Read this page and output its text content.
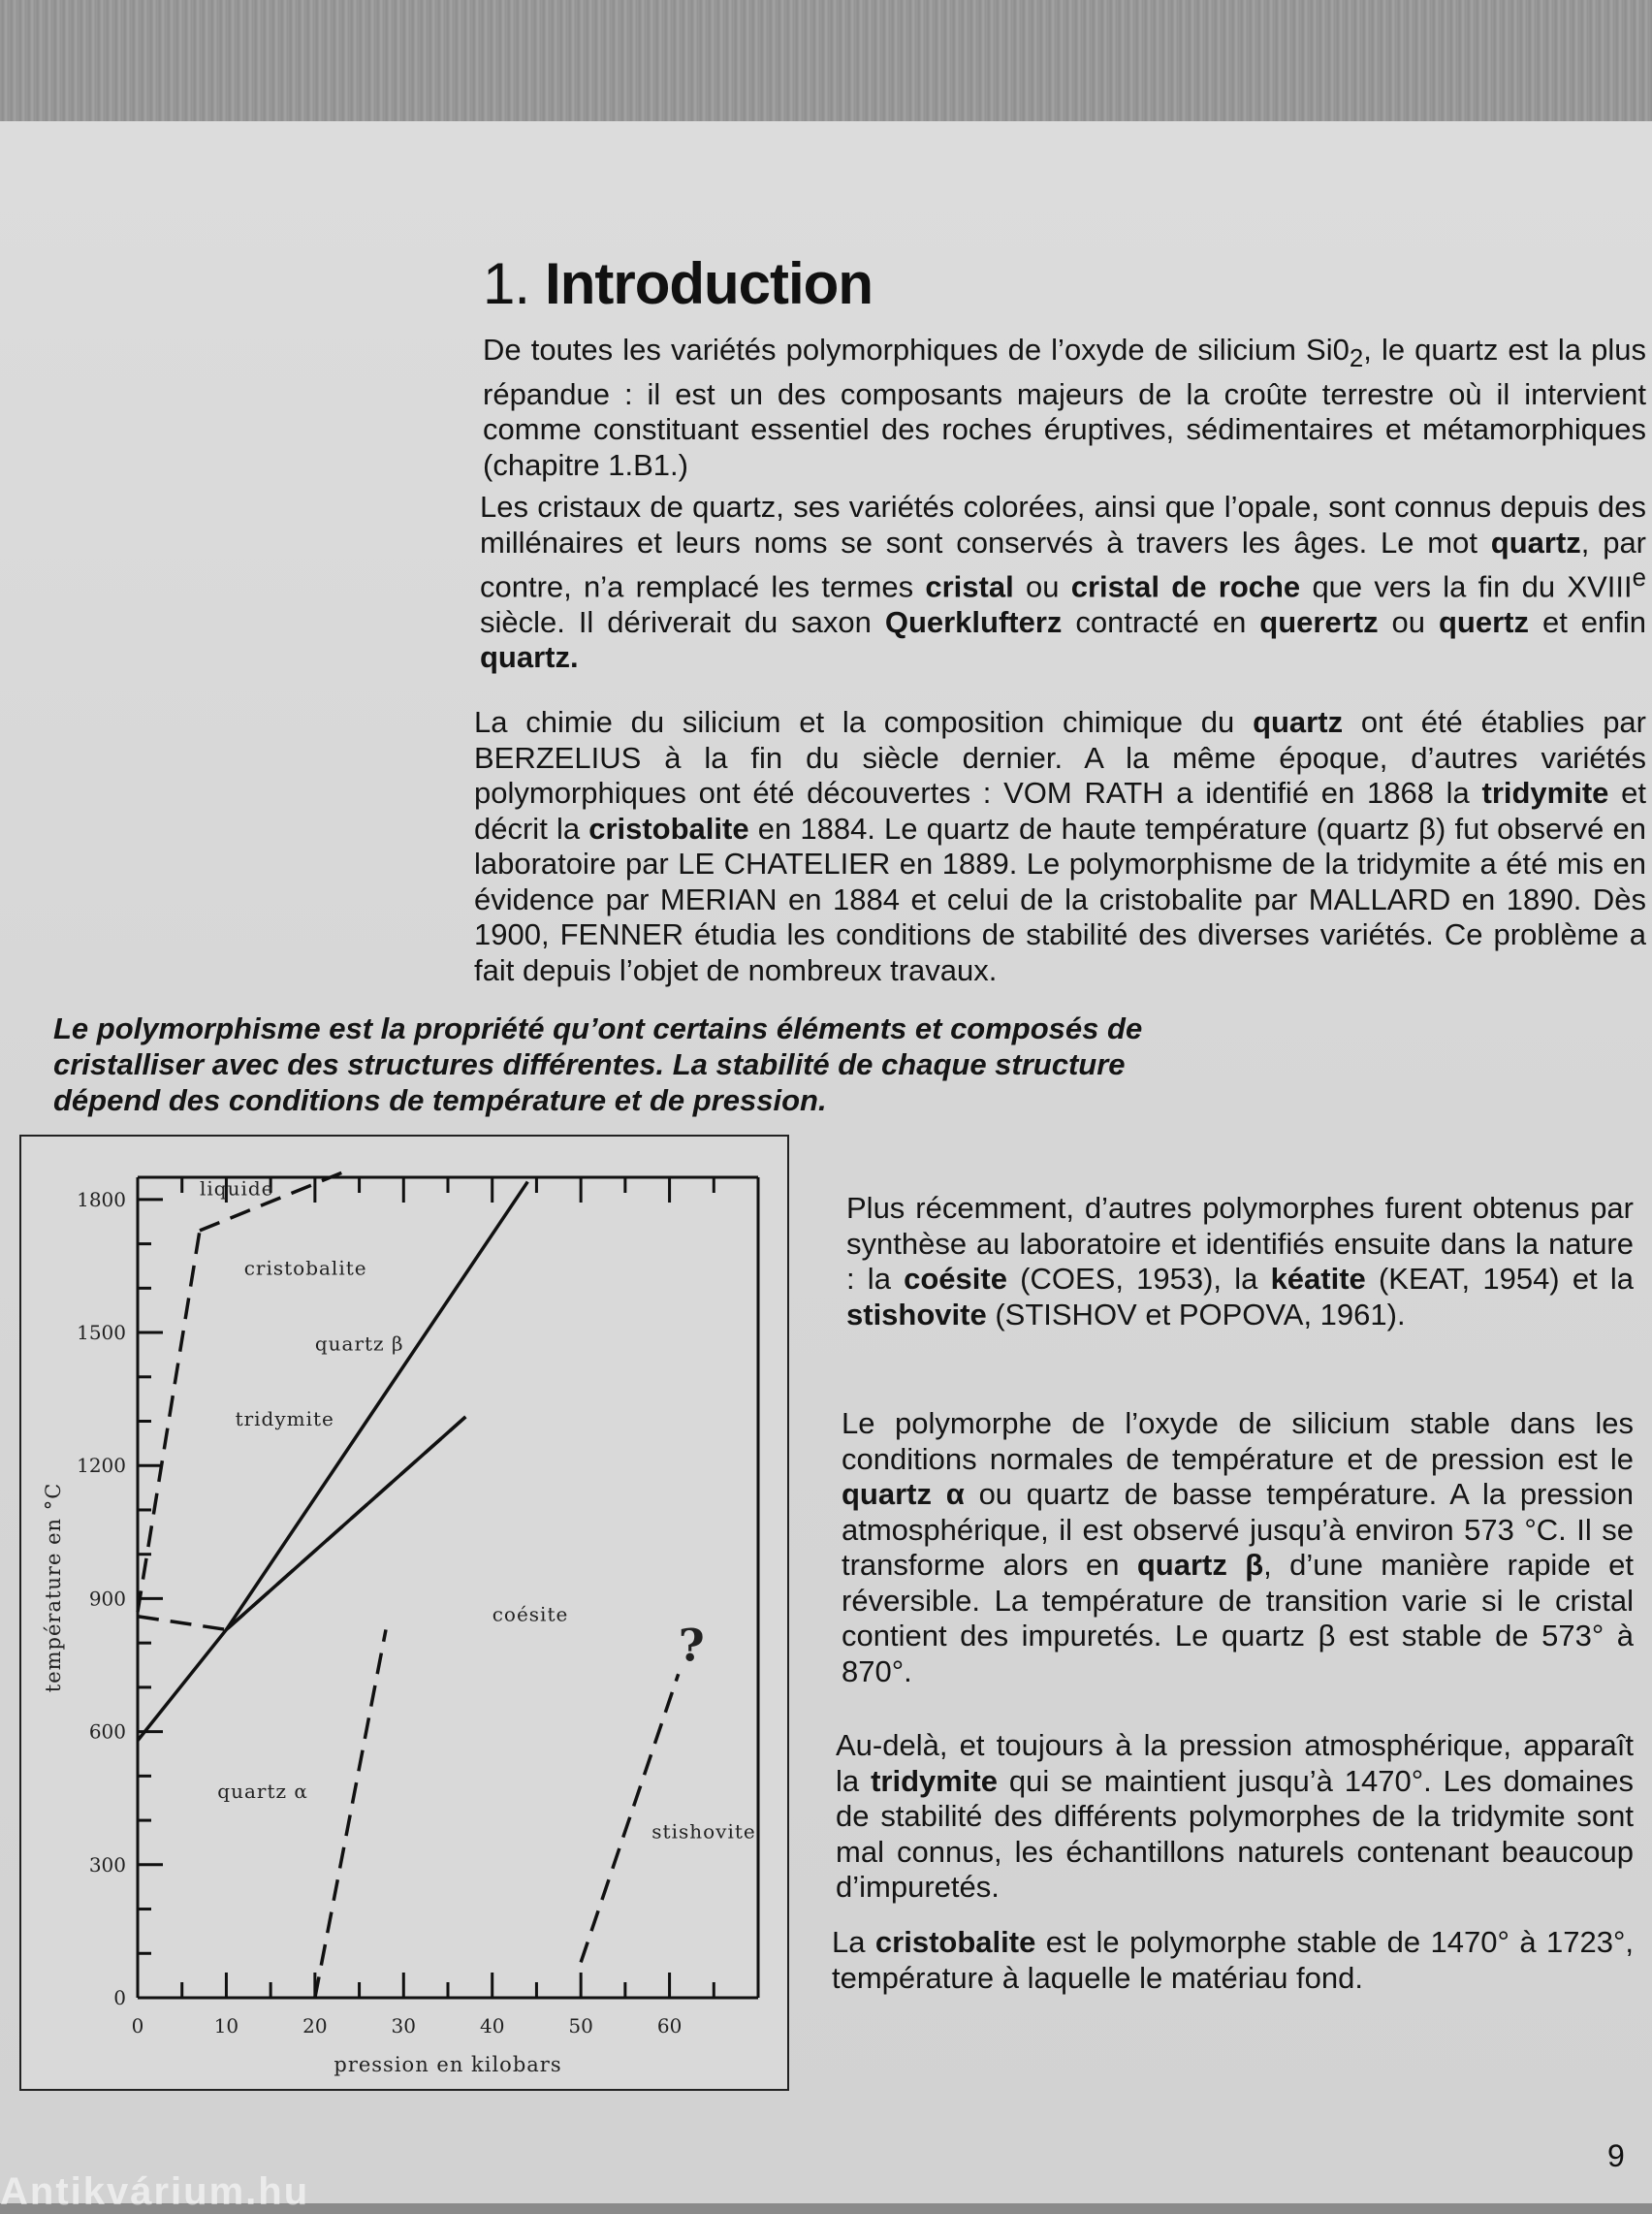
1. Introduction

De toutes les variétés polymorphiques de l’oxyde de silicium $Si0_2$, le quartz est la plus répandue : il est un des composants majeurs de la croûte terrestre où il intervient comme constituant essentiel des roches éruptives, sédimentaires et métamorphiques (chapitre 1.B1.)

Les cristaux de quartz, ses variétés colorées, ainsi que l’opale, sont connus depuis des millénaires et leurs noms se sont conservés à travers les âges. Le mot quartz, par contre, n’a remplacé les termes cristal ou cristal de roche que vers la fin du XVIIIe siècle. Il dériverait du saxon Querklufterz contracté en querertz ou quertz et enfin quartz.

La chimie du silicium et la composition chimique du quartz ont été établies par BERZELIUS à la fin du siècle dernier. A la même époque, d’autres variétés polymorphiques ont été découvertes : VOM RATH a identifié en 1868 la tridymite et décrit la cristobalite en 1884. Le quartz de haute température (quartz β) fut observé en laboratoire par LE CHATELIER en 1889. Le polymorphisme de la tridymite a été mis en évidence par MERIAN en 1884 et celui de la cristobalite par MALLARD en 1890. Dès 1900, FENNER étudia les conditions de stabilité des diverses variétés. Ce problème a fait depuis l’objet de nombreux travaux.

Le polymorphisme est la propriété qu’ont certains éléments et composés de cristalliser avec des structures différentes. La stabilité de chaque structure dépend des conditions de température et de pression.

0	10	20	30	40	50	60
0
300
600
900
1200
1500
1800
pression en kilobars
température en °C
liquide
cristobalite
quartz β
tridymite
coésite
?
quartz α
stishovite

Plus récemment, d’autres polymorphes furent obtenus par synthèse au laboratoire et identifiés ensuite dans la nature : la coésite (COES, 1953), la kéatite (KEAT, 1954) et la stishovite (STISHOV et POPOVA, 1961).

Le polymorphe de l’oxyde de silicium stable dans les conditions normales de température et de pression est le quartz α ou quartz de basse température. A la pression atmosphérique, il est observé jusqu’à environ 573 °C. Il se transforme alors en quartz β, d’une manière rapide et réversible. La température de transition varie si le cristal contient des impuretés. Le quartz β est stable de 573° à 870°.

Au-delà, et toujours à la pression atmosphérique, apparaît la tridymite qui se maintient jusqu’à 1470°. Les domaines de stabilité des différents polymorphes de la tridymite sont mal connus, les échantillons naturels contenant beaucoup d’impuretés.

La cristobalite est le polymorphe stable de 1470° à 1723°, température à laquelle le matériau fond.

9
Antikvárium.hu
